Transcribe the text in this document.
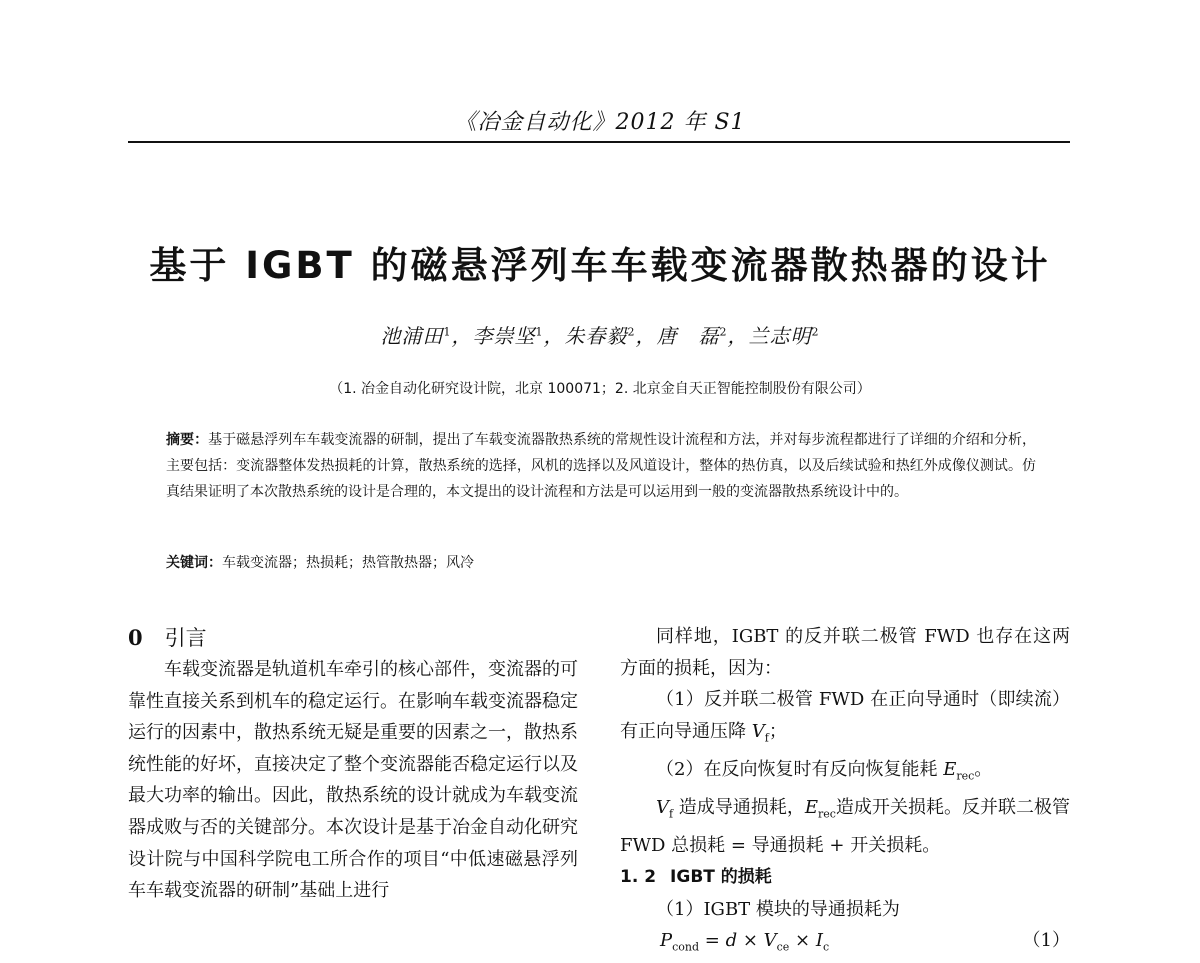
《冶金自动化》2012 年 S1
基于 IGBT 的磁悬浮列车车载变流器散热器的设计
池浦田$^1$，李崇坚$^1$，朱春毅$^2$，唐　磊$^2$，兰志明$^2$
（1. 冶金自动化研究设计院，北京 100071；2. 北京金自天正智能控制股份有限公司）
摘要：基于磁悬浮列车车载变流器的研制，提出了车载变流器散热系统的常规性设计流程和方法，并对每步流程都进行了详细的介绍和分析，主要包括：变流器整体发热损耗的计算，散热系统的选择，风机的选择以及风道设计，整体的热仿真，以及后续试验和热红外成像仪测试。仿真结果证明了本次散热系统的设计是合理的，本文提出的设计流程和方法是可以运用到一般的变流器散热系统设计中的。
关键词：车载变流器；热损耗；热管散热器；风冷
0 引言

车载变流器是轨道机车牵引的核心部件，变流器的可靠性直接关系到机车的稳定运行。在影响车载变流器稳定运行的因素中，散热系统无疑是重要的因素之一，散热系统性能的好坏，直接决定了整个变流器能否稳定运行以及最大功率的输出。因此，散热系统的设计就成为车载变流器成败与否的关键部分。本次设计是基于冶金自动化研究设计院与中国科学院电工所合作的项目“中低速磁悬浮列车车载变流器的研制”基础上进行

同样地，IGBT 的反并联二极管 FWD 也存在这两方面的损耗，因为：

（1）反并联二极管 FWD 在正向导通时（即续流）有正向导通压降 $V_f$；

（2）在反向恢复时有反向恢复能耗 $E_{rec}$。

$V_f$ 造成导通损耗，$E_{rec}$造成开关损耗。反并联二极管 FWD 总损耗 = 导通损耗 + 开关损耗。

1. 2 IGBT 的损耗

（1）IGBT 模块的导通损耗为

$P_{cond} = d \times V_{ce} \times I_c$	（1）
